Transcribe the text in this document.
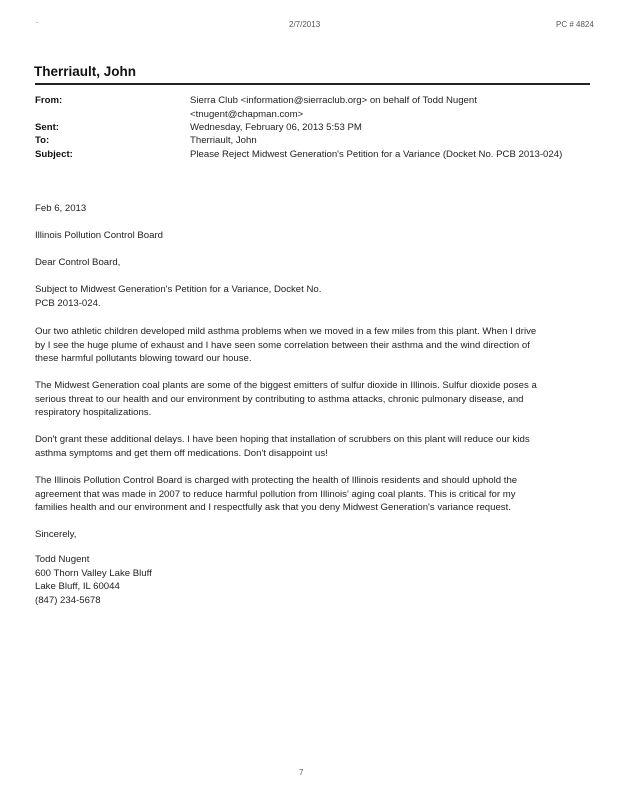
.	2/7/2013	PC # 4824
Therriault, John
From:	Sierra Club <information@sierraclub.org> on behalf of Todd Nugent
<tnugent@chapman.com>
Sent:	Wednesday, February 06, 2013 5:53 PM
To:	Therriault, John
Subject:	Please Reject Midwest Generation's Petition for a Variance (Docket No. PCB 2013-024)
Feb 6, 2013
Illinois Pollution Control Board
Dear Control Board,
Subject to Midwest Generation's Petition for a Variance, Docket No.
PCB 2013-024.
Our two athletic children developed mild asthma problems when we moved in a few miles from this plant. When I drive
by I see the huge plume of exhaust and I have seen some correlation between their asthma and the wind direction of
these harmful pollutants blowing toward our house.
The Midwest Generation coal plants are some of the biggest emitters of sulfur dioxide in Illinois. Sulfur dioxide poses a
serious threat to our health and our environment by contributing to asthma attacks, chronic pulmonary disease, and
respiratory hospitalizations.
Don't grant these additional delays. I have been hoping that installation of scrubbers on this plant will reduce our kids
asthma symptoms and get them off medications. Don't disappoint us!
The Illinois Pollution Control Board is charged with protecting the health of Illinois residents and should uphold the
agreement that was made in 2007 to reduce harmful pollution from Illinois' aging coal plants. This is critical for my
families health and our environment and I respectfully ask that you deny Midwest Generation's variance request.
Sincerely,
Todd Nugent
600 Thorn Valley Lake Bluff
Lake Bluff, IL 60044
(847) 234-5678
7
